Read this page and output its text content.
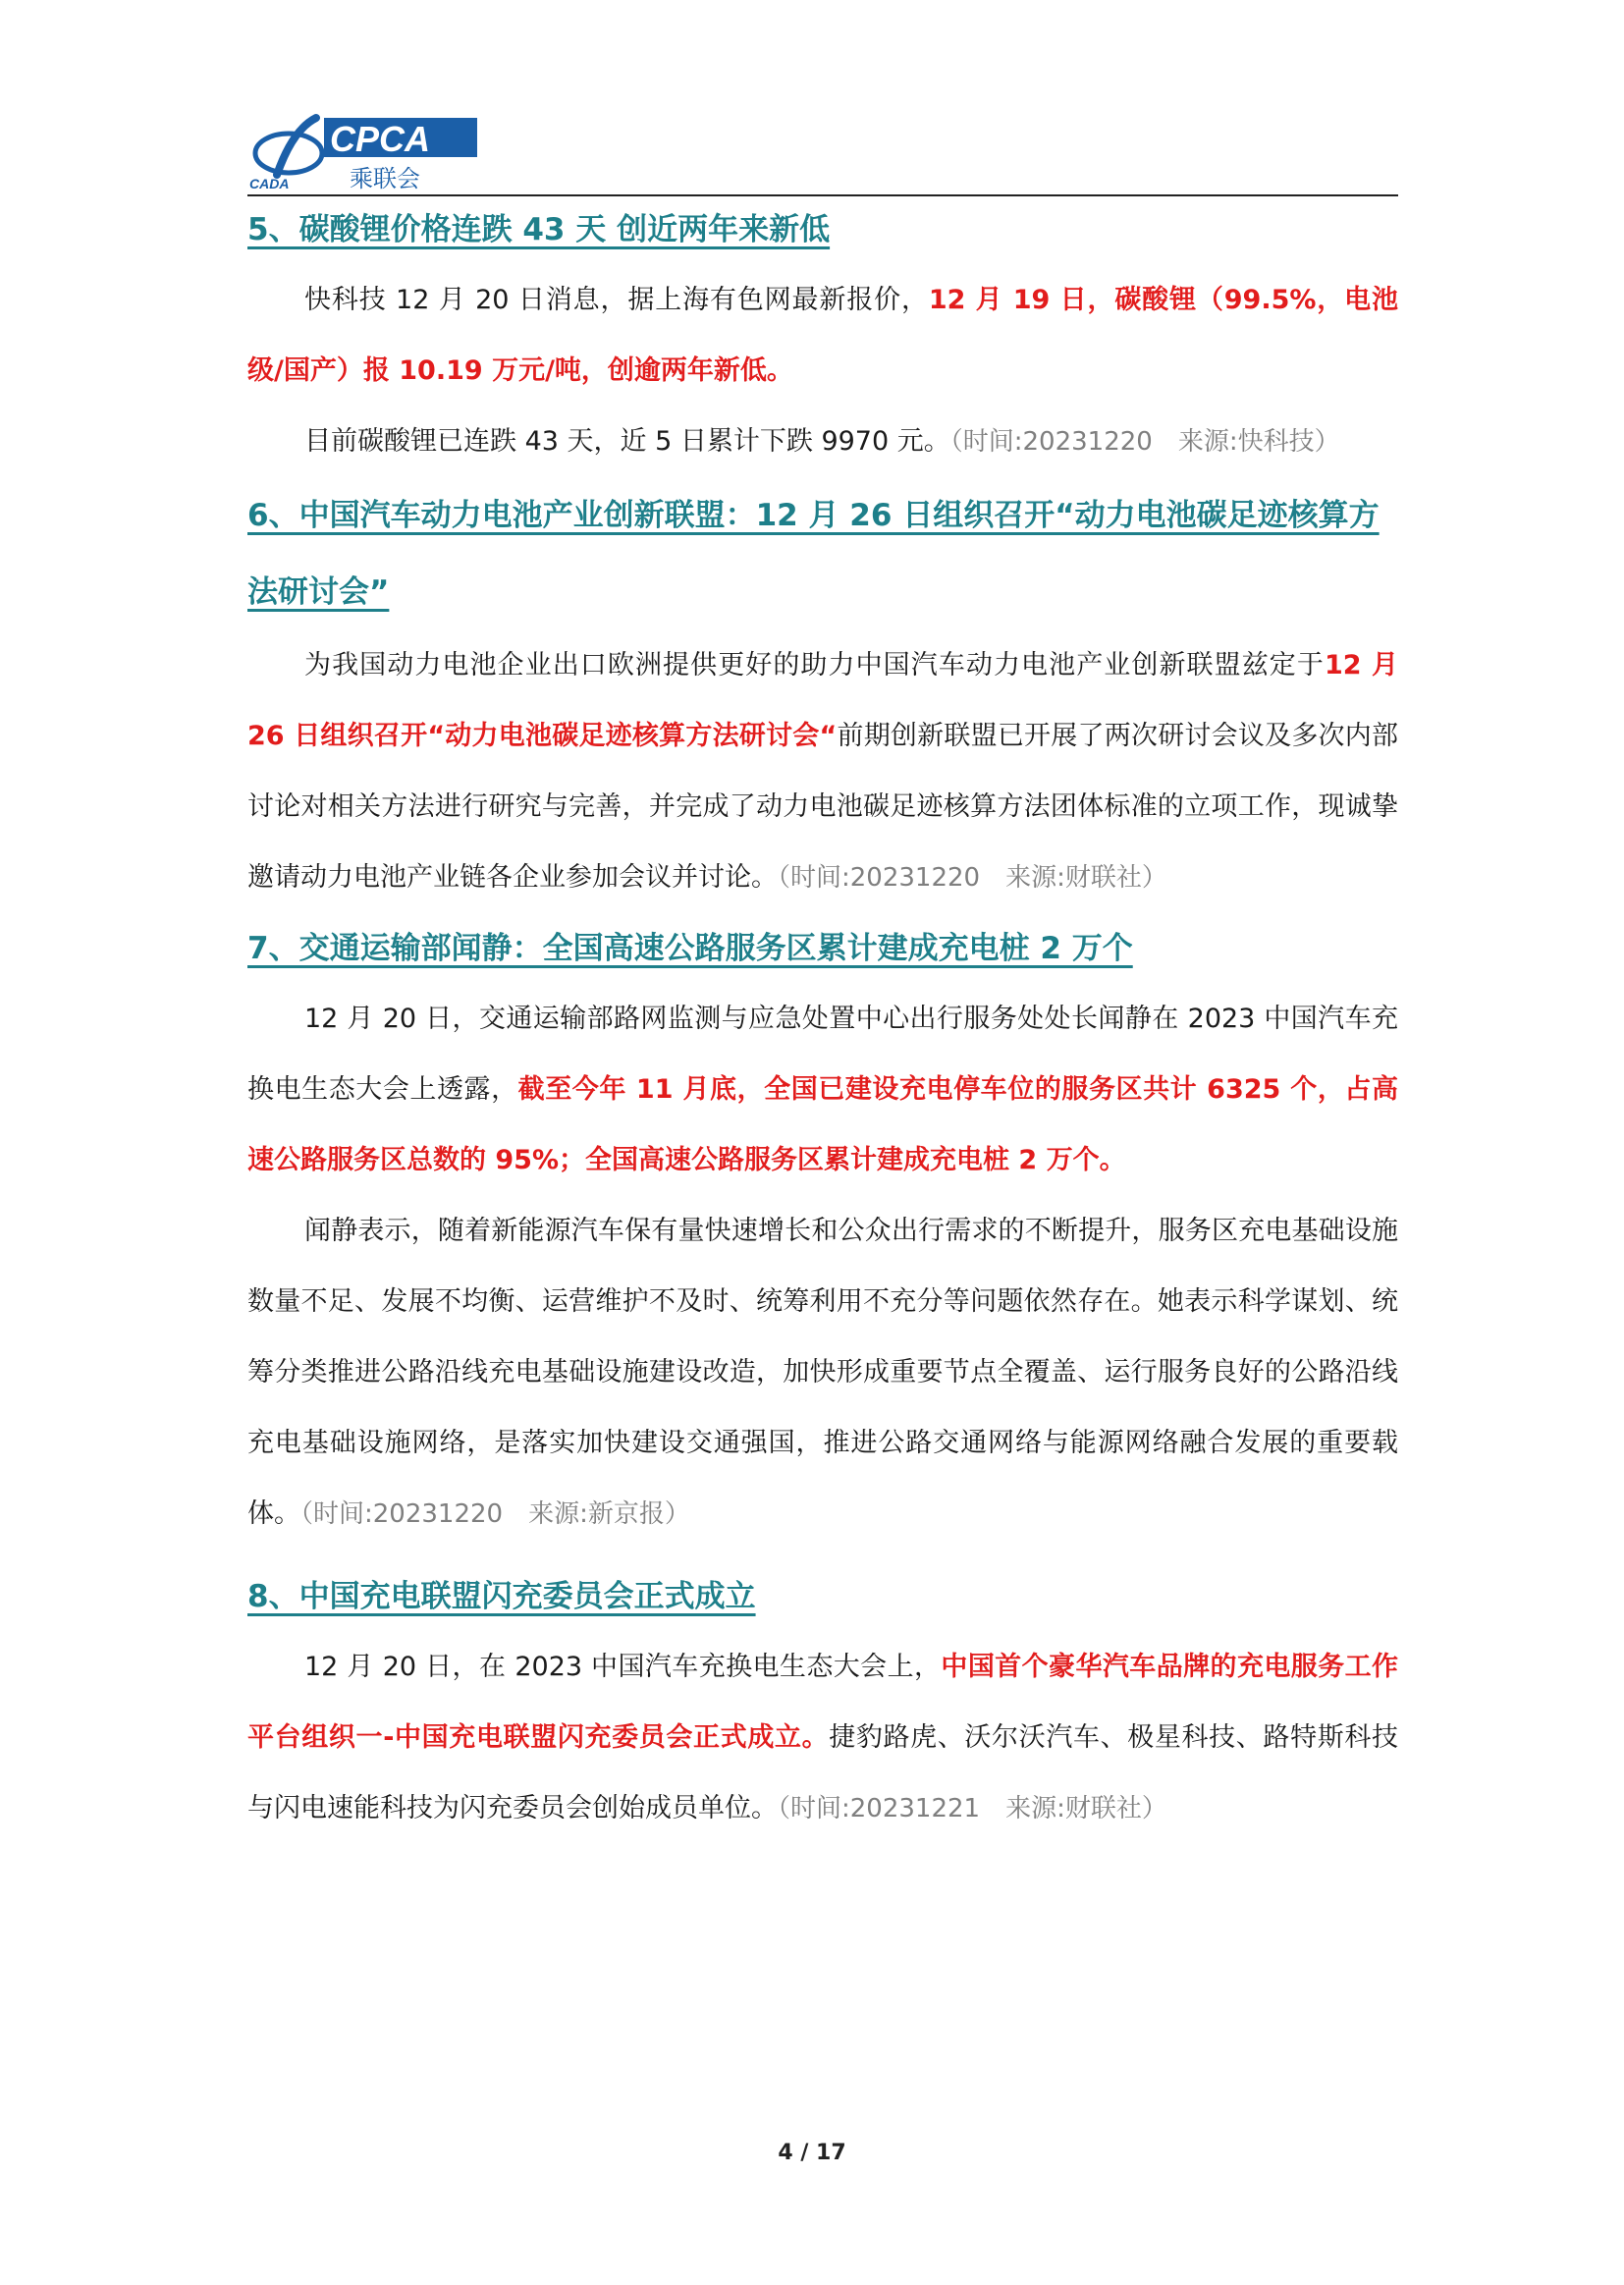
CPCA
乘联会
CADA

5、碳酸锂价格连跌 43 天 创近两年来新低

快科技 12 月 20 日消息，据上海有色网最新报价，12 月 19 日，碳酸锂（99.5%，电池级/国产）报 10.19 万元/吨，创逾两年新低。

目前碳酸锂已连跌 43 天，近 5 日累计下跌 9970 元。（时间:20231220　来源:快科技）

6、中国汽车动力电池产业创新联盟：12 月 26 日组织召开“动力电池碳足迹核算方法研讨会”

为我国动力电池企业出口欧洲提供更好的助力中国汽车动力电池产业创新联盟兹定于12 月 26 日组织召开“动力电池碳足迹核算方法研讨会“前期创新联盟已开展了两次研讨会议及多次内部讨论对相关方法进行研究与完善，并完成了动力电池碳足迹核算方法团体标准的立项工作，现诚挚邀请动力电池产业链各企业参加会议并讨论。（时间:20231220　来源:财联社）

7、交通运输部闻静：全国高速公路服务区累计建成充电桩 2 万个

12 月 20 日，交通运输部路网监测与应急处置中心出行服务处处长闻静在 2023 中国汽车充换电生态大会上透露，截至今年 11 月底，全国已建设充电停车位的服务区共计 6325 个，占高速公路服务区总数的 95%；全国高速公路服务区累计建成充电桩 2 万个。

闻静表示，随着新能源汽车保有量快速增长和公众出行需求的不断提升，服务区充电基础设施数量不足、发展不均衡、运营维护不及时、统筹利用不充分等问题依然存在。她表示科学谋划、统筹分类推进公路沿线充电基础设施建设改造，加快形成重要节点全覆盖、运行服务良好的公路沿线充电基础设施网络，是落实加快建设交通强国，推进公路交通网络与能源网络融合发展的重要载体。（时间:20231220　来源:新京报）

8、中国充电联盟闪充委员会正式成立

12 月 20 日，在 2023 中国汽车充换电生态大会上，中国首个豪华汽车品牌的充电服务工作平台组织一-中国充电联盟闪充委员会正式成立。捷豹路虎、沃尔沃汽车、极星科技、路特斯科技与闪电速能科技为闪充委员会创始成员单位。（时间:20231221　来源:财联社）

4 / 17
